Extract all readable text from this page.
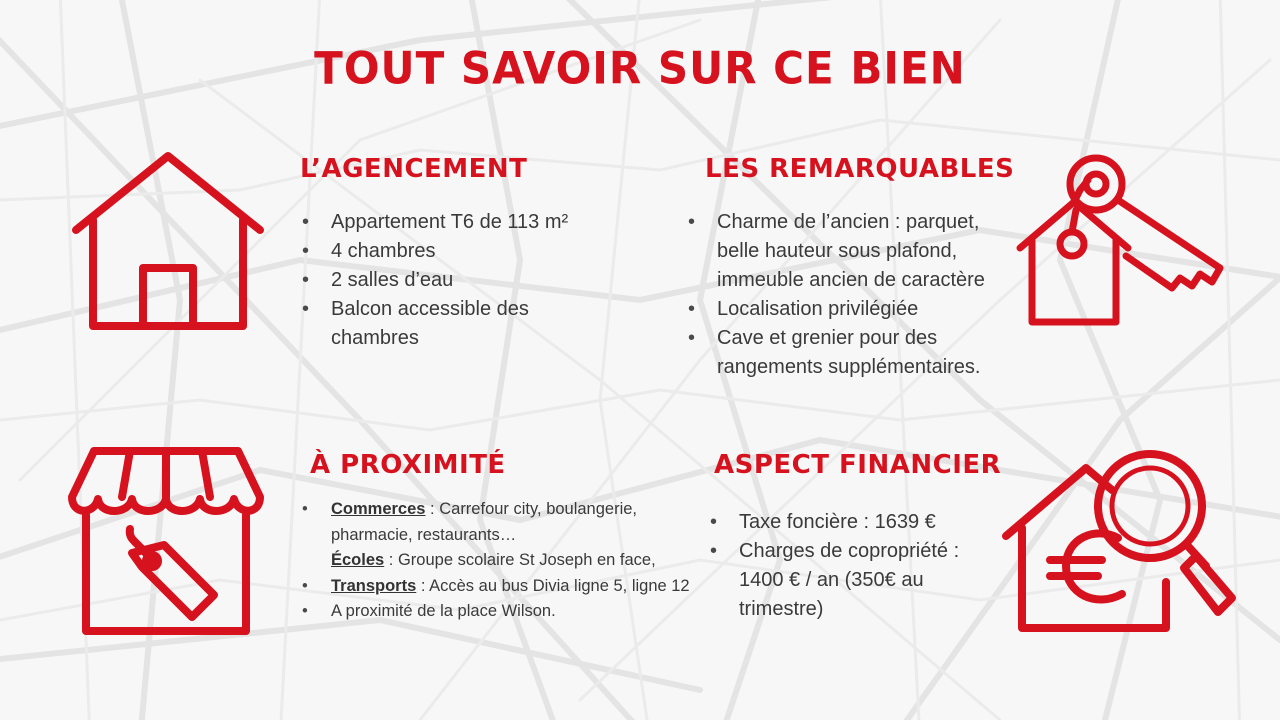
TOUT SAVOIR SUR CE BIEN
L’AGENCEMENT
• Appartement T6 de 113 m²
• 4 chambres
• 2 salles d’eau
• Balcon accessible des chambres
LES REMARQUABLES
• Charme de l’ancien : parquet, belle hauteur sous plafond, immeuble ancien de caractère
• Localisation privilégiée
• Cave et grenier pour des rangements supplémentaires.
À PROXIMITÉ
• Commerces : Carrefour city, boulangerie, pharmacie, restaurants…
Écoles : Groupe scolaire St Joseph en face,
• Transports : Accès au bus Divia ligne 5, ligne 12
• A proximité de la place Wilson.
ASPECT FINANCIER
• Taxe foncière : 1639 €
• Charges de copropriété : 1400 € / an (350€ au trimestre)
